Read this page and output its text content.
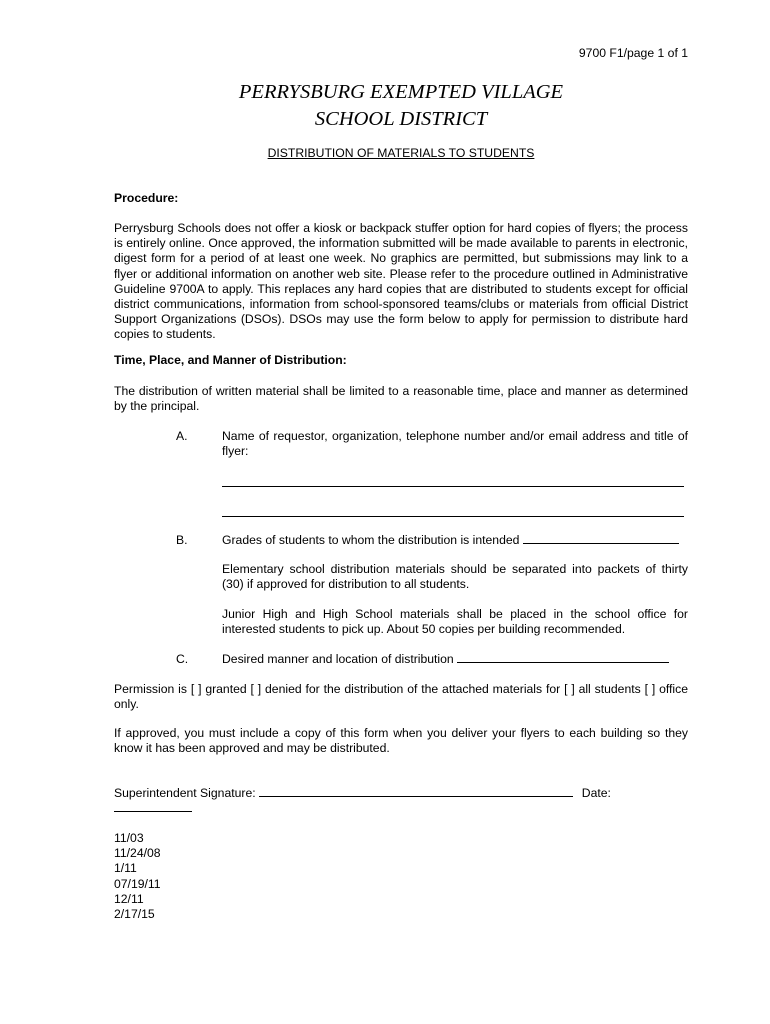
9700 F1/page 1 of 1
PERRYSBURG EXEMPTED VILLAGE
SCHOOL DISTRICT
DISTRIBUTION OF MATERIALS TO STUDENTS
Procedure:
Perrysburg Schools does not offer a kiosk or backpack stuffer option for hard copies of flyers; the process is entirely online. Once approved, the information submitted will be made available to parents in electronic, digest form for a period of at least one week. No graphics are permitted, but submissions may link to a flyer or additional information on another web site. Please refer to the procedure outlined in Administrative Guideline 9700A to apply. This replaces any hard copies that are distributed to students except for official district communications, information from school-sponsored teams/clubs or materials from official District Support Organizations (DSOs). DSOs may use the form below to apply for permission to distribute hard copies to students.
Time, Place, and Manner of Distribution:
The distribution of written material shall be limited to a reasonable time, place and manner as determined by the principal.
A.	Name of requestor, organization, telephone number and/or email address and title of flyer:
B.	Grades of students to whom the distribution is intended
Elementary school distribution materials should be separated into packets of thirty (30) if approved for distribution to all students.
Junior High and High School materials shall be placed in the school office for interested students to pick up. About 50 copies per building recommended.
C.	Desired manner and location of distribution
Permission is [ ] granted [ ] denied for the distribution of the attached materials for [ ] all students [ ] office only.
If approved, you must include a copy of this form when you deliver your flyers to each building so they know it has been approved and may be distributed.
Superintendent Signature:	Date:
11/03
11/24/08
1/11
07/19/11
12/11
2/17/15
